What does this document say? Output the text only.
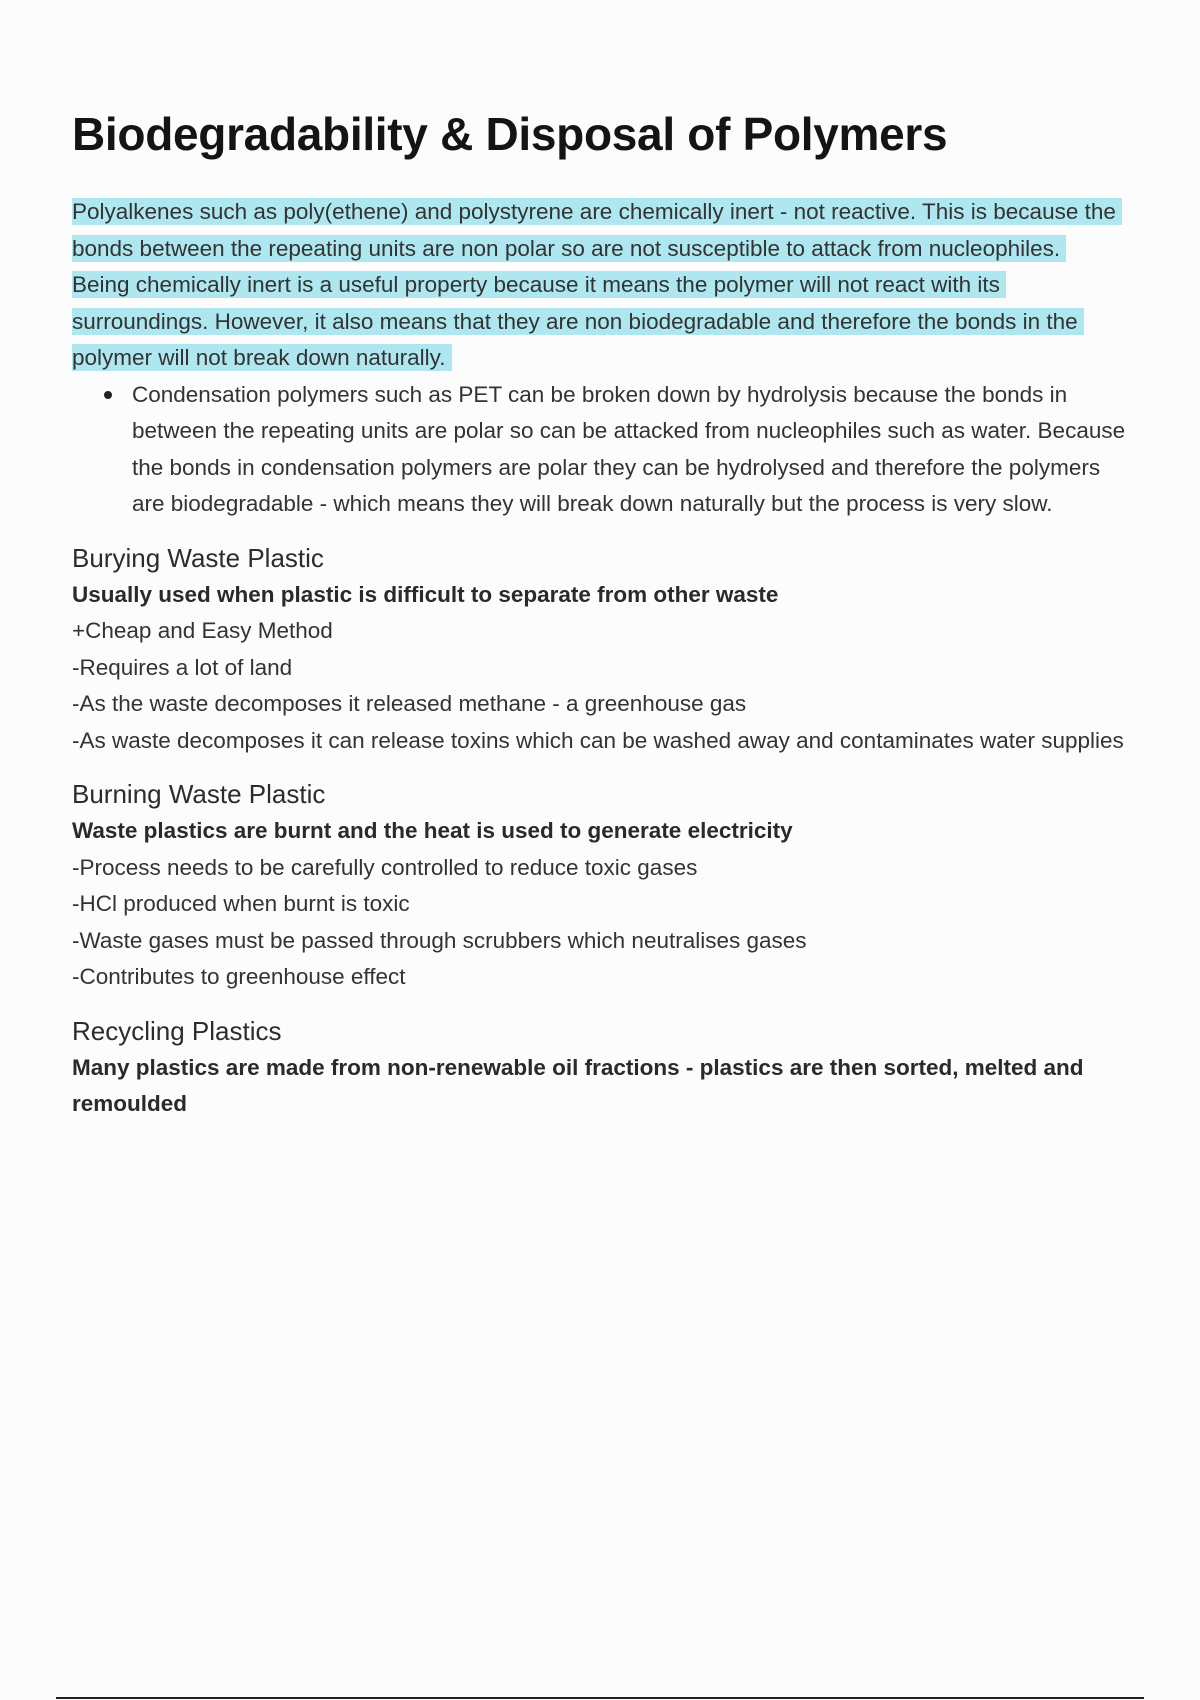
Biodegradability & Disposal of Polymers

Polyalkenes such as poly(ethene) and polystyrene are chemically inert - not reactive. This is because the bonds between the repeating units are non polar so are not susceptible to attack from nucleophiles.

Being chemically inert is a useful property because it means the polymer will not react with its surroundings. However, it also means that they are non biodegradable and therefore the bonds in the polymer will not break down naturally.

Condensation polymers such as PET can be broken down by hydrolysis because the bonds in between the repeating units are polar so can be attacked from nucleophiles such as water. Because the bonds in condensation polymers are polar they can be hydrolysed and therefore the polymers are biodegradable - which means they will break down naturally but the process is very slow.
Burying Waste Plastic

Usually used when plastic is difficult to separate from other waste

+Cheap and Easy Method

-Requires a lot of land

-As the waste decomposes it released methane - a greenhouse gas

-As waste decomposes it can release toxins which can be washed away and contaminates water supplies

Burning Waste Plastic

Waste plastics are burnt and the heat is used to generate electricity

-Process needs to be carefully controlled to reduce toxic gases

-HCl produced when burnt is toxic

-Waste gases must be passed through scrubbers which neutralises gases

-Contributes to greenhouse effect

Recycling Plastics

Many plastics are made from non-renewable oil fractions - plastics are then sorted, melted and remoulded
